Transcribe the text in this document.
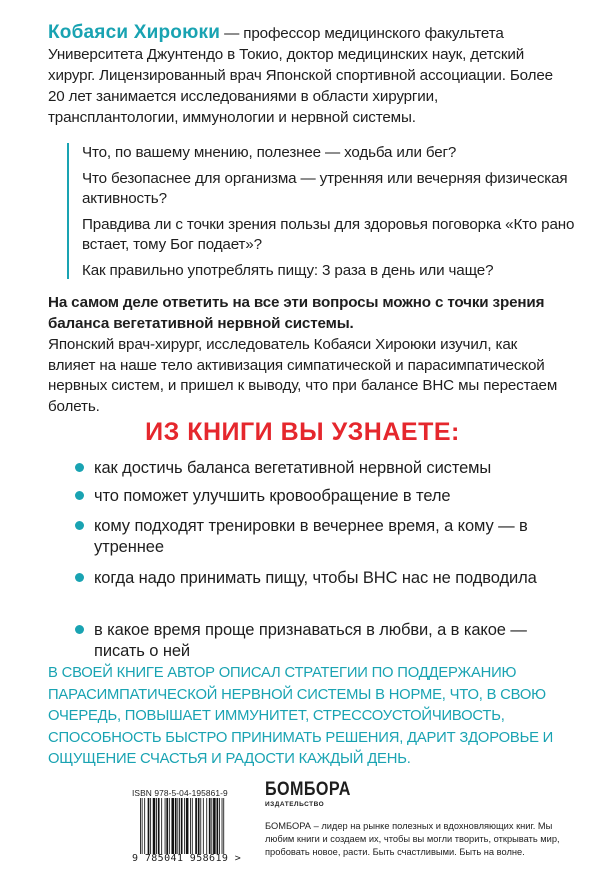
Кобаяси Хироюки — профессор медицинского факультета Университета Джунтендо в Токио, доктор медицинских наук, детский хирург. Лицензированный врач Японской спортивной ассоциации. Более 20 лет занимается исследованиями в области хирургии, трансплантологии, иммунологии и нервной системы.

Что, по вашему мнению, полезнее — ходьба или бег?

Что безопаснее для организма — утренняя или вечерняя физическая активность?

Правдива ли с точки зрения пользы для здоровья поговорка «Кто рано встает, тому Бог подает»?

Как правильно употреблять пищу: 3 раза в день или чаще?

На самом деле ответить на все эти вопросы можно с точки зрения баланса вегетативной нервной системы.
Японский врач-хирург, исследователь Кобаяси Хироюки изучил, как влияет на наше тело активизация симпатической и парасимпатической нервных систем, и пришел к выводу, что при балансе ВНС мы перестаем болеть.
ИЗ КНИГИ ВЫ УЗНАЕТЕ:
как достичь баланса вегетативной нервной системы
что поможет улучшить кровообращение в теле
кому подходят тренировки в вечернее время, а кому — в утреннее
когда надо принимать пищу, чтобы ВНС нас не подводила
в какое время проще признаваться в любви, а в какое — писать о ней
В СВОЕЙ КНИГЕ АВТОР ОПИСАЛ СТРАТЕГИИ ПО ПОДДЕРЖАНИЮ ПАРАСИМПАТИЧЕСКОЙ НЕРВНОЙ СИСТЕМЫ В НОРМЕ, ЧТО, В СВОЮ ОЧЕРЕДЬ, ПОВЫШАЕТ ИММУНИТЕТ, СТРЕССОУСТОЙЧИВОСТЬ, СПОСОБНОСТЬ БЫСТРО ПРИНИМАТЬ РЕШЕНИЯ, ДАРИТ ЗДОРОВЬЕ И ОЩУЩЕНИЕ СЧАСТЬЯ И РАДОСТИ КАЖДЫЙ ДЕНЬ.
ISBN 978-5-04-195861-9
9 785041 958619 >
БОМБОРА
ИЗДАТЕЛЬСТВО
БОМБОРА – лидер на рынке полезных и вдохновляющих книг. Мы любим книги и создаем их, чтобы вы могли творить, открывать мир, пробовать новое, расти. Быть счастливыми. Быть на волне.
